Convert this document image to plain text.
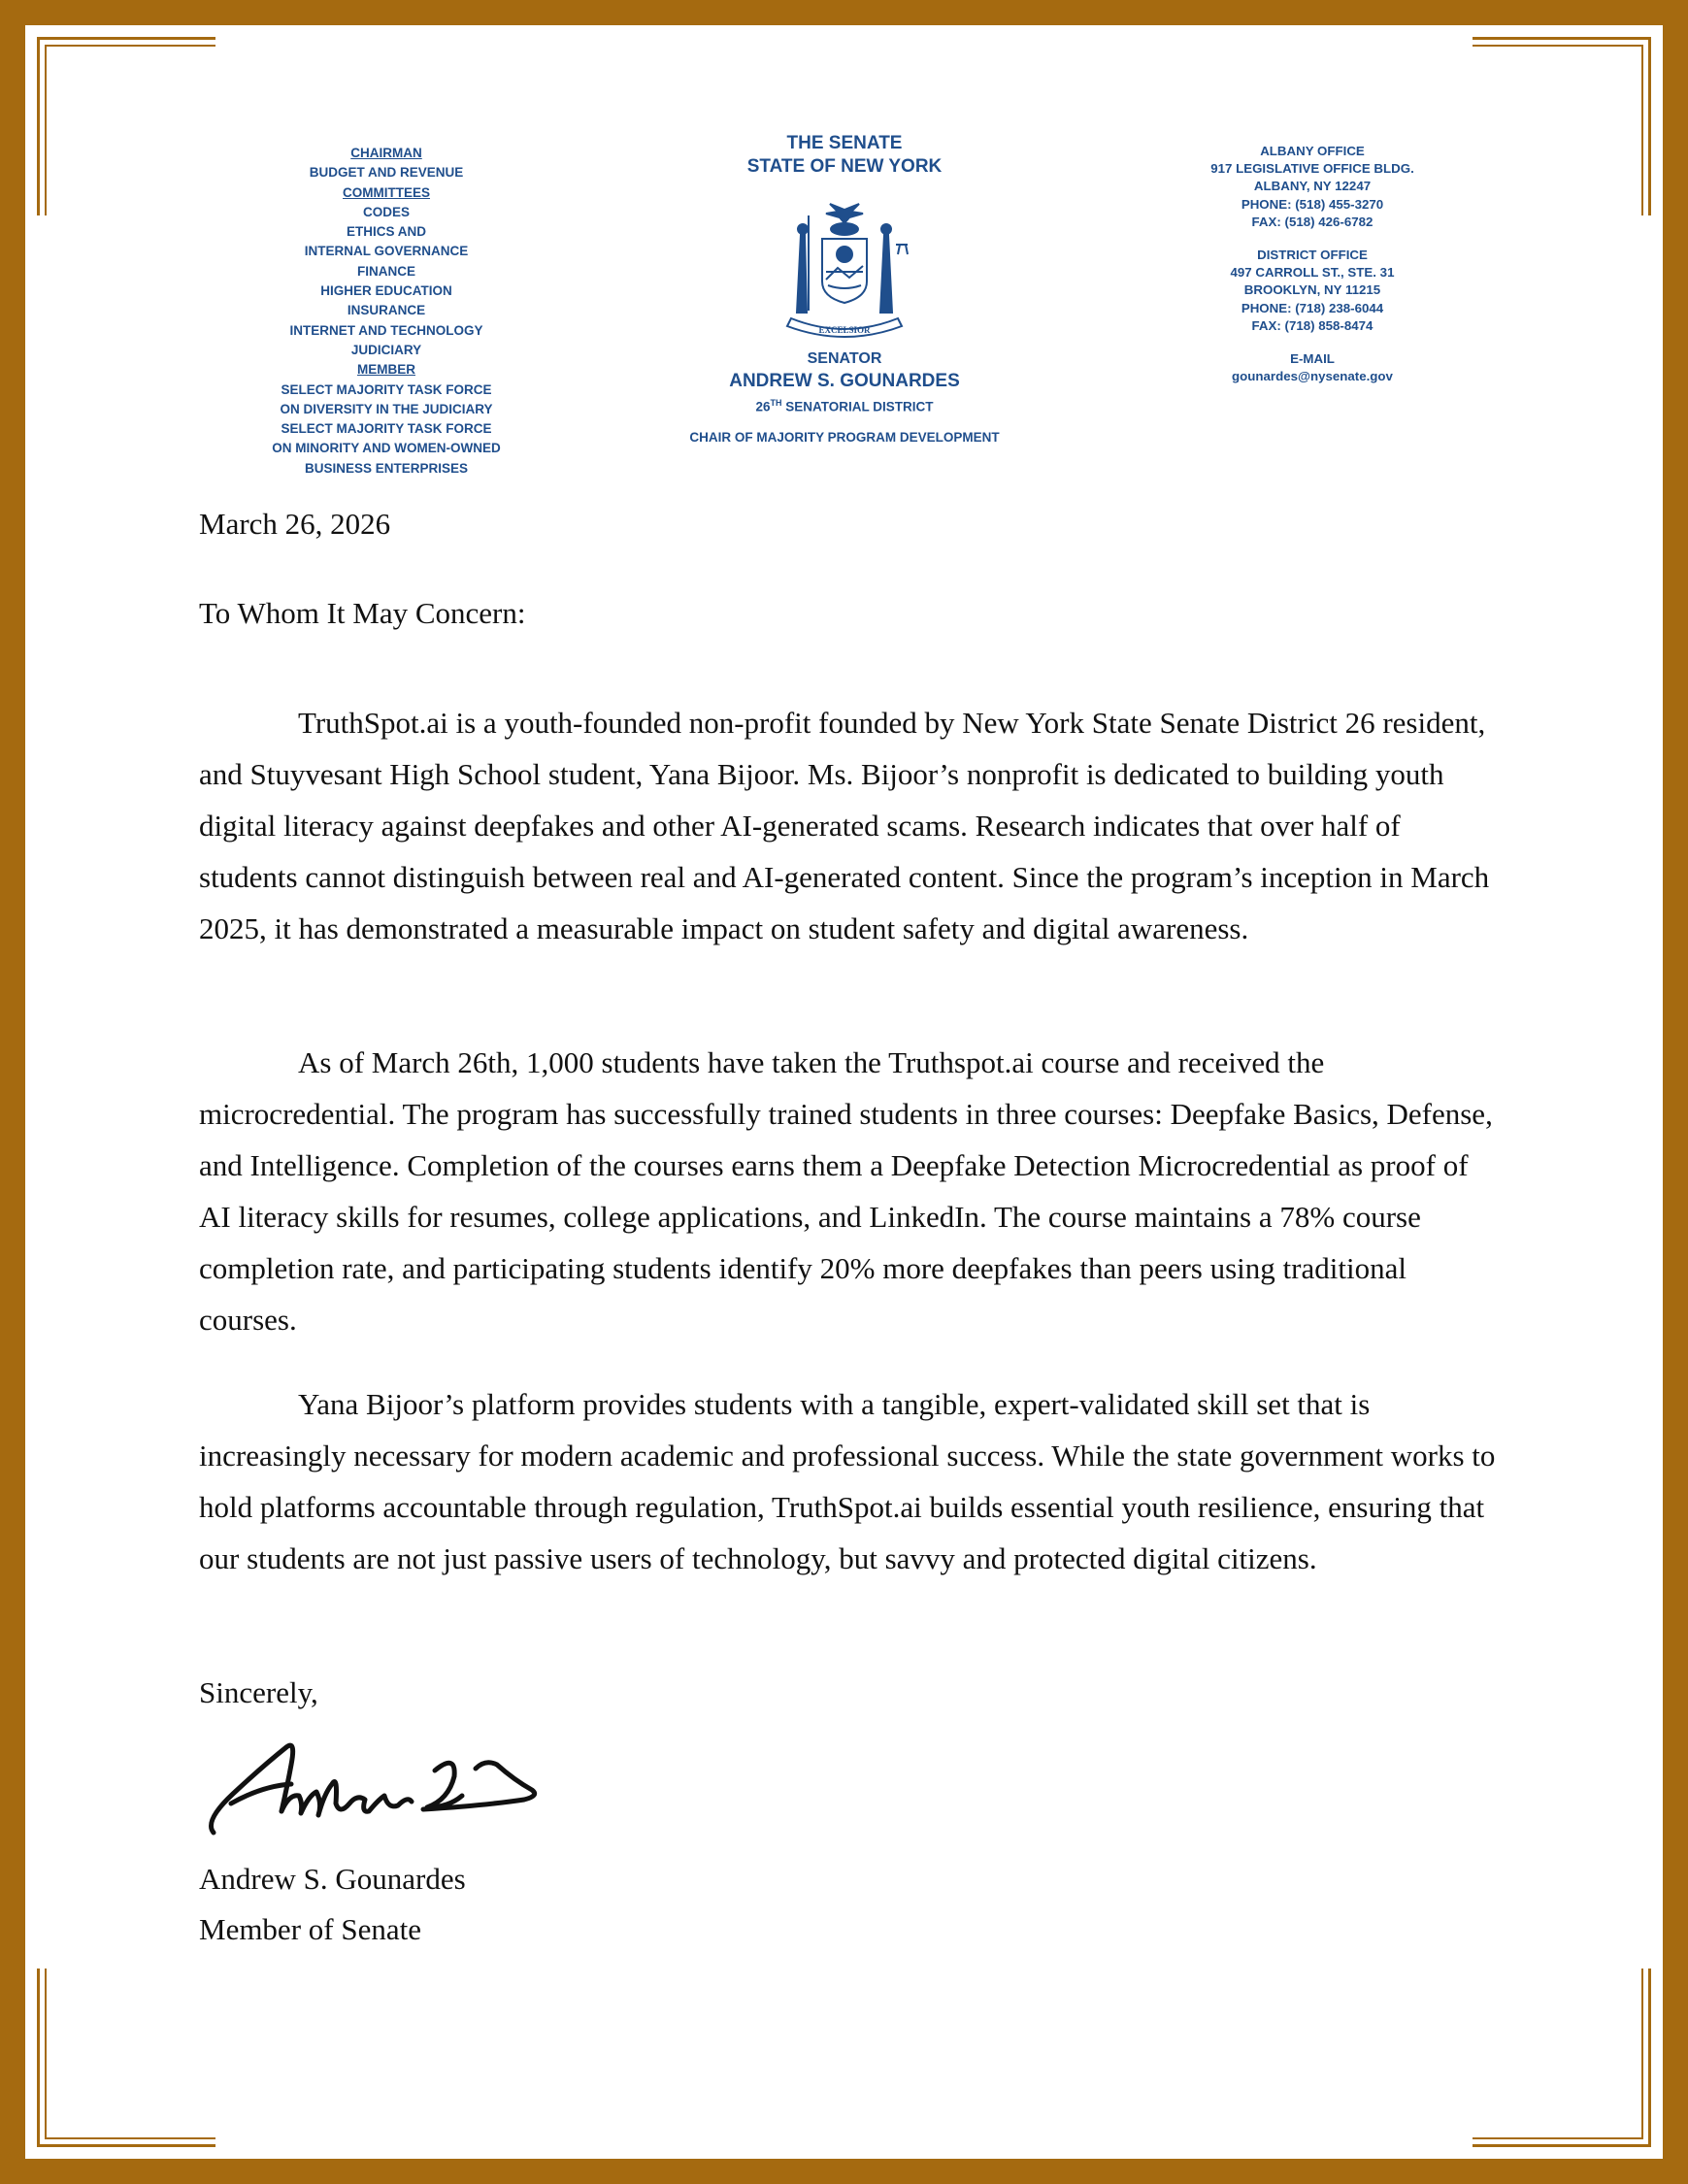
CHAIRMAN
BUDGET AND REVENUE
COMMITTEES
CODES
ETHICS AND
INTERNAL GOVERNANCE
FINANCE
HIGHER EDUCATION
INSURANCE
INTERNET AND TECHNOLOGY
JUDICIARY
MEMBER
SELECT MAJORITY TASK FORCE
ON DIVERSITY IN THE JUDICIARY
SELECT MAJORITY TASK FORCE
ON MINORITY AND WOMEN-OWNED
BUSINESS ENTERPRISES
THE SENATE
STATE OF NEW YORK
EXCELSIOR
SENATOR
ANDREW S. GOUNARDES
26TH SENATORIAL DISTRICT
CHAIR OF MAJORITY PROGRAM DEVELOPMENT
ALBANY OFFICE
917 LEGISLATIVE OFFICE BLDG.
ALBANY, NY 12247
PHONE: (518) 455-3270
FAX: (518) 426-6782
DISTRICT OFFICE
497 CARROLL ST., STE. 31
BROOKLYN, NY 11215
PHONE: (718) 238-6044
FAX: (718) 858-8474
E-MAIL
gounardes@nysenate.gov
March 26, 2026
To Whom It May Concern:

TruthSpot.ai is a youth-founded non-profit founded by New York State Senate District 26 resident, and Stuyvesant High School student, Yana Bijoor. Ms. Bijoor’s nonprofit is dedicated to building youth digital literacy against deepfakes and other AI-generated scams. Research indicates that over half of students cannot distinguish between real and AI-generated content. Since the program’s inception in March 2025, it has demonstrated a measurable impact on student safety and digital awareness.

As of March 26th, 1,000 students have taken the Truthspot.ai course and received the microcredential. The program has successfully trained students in three courses: Deepfake Basics, Defense, and Intelligence. Completion of the courses earns them a Deepfake Detection Microcredential as proof of AI literacy skills for resumes, college applications, and LinkedIn. The course maintains a 78% course completion rate, and participating students identify 20% more deepfakes than peers using traditional courses.

Yana Bijoor’s platform provides students with a tangible, expert-validated skill set that is increasingly necessary for modern academic and professional success. While the state government works to hold platforms accountable through regulation, TruthSpot.ai builds essential youth resilience, ensuring that our students are not just passive users of technology, but savvy and protected digital citizens.

Sincerely,
Andrew S. Gounardes
Member of Senate
